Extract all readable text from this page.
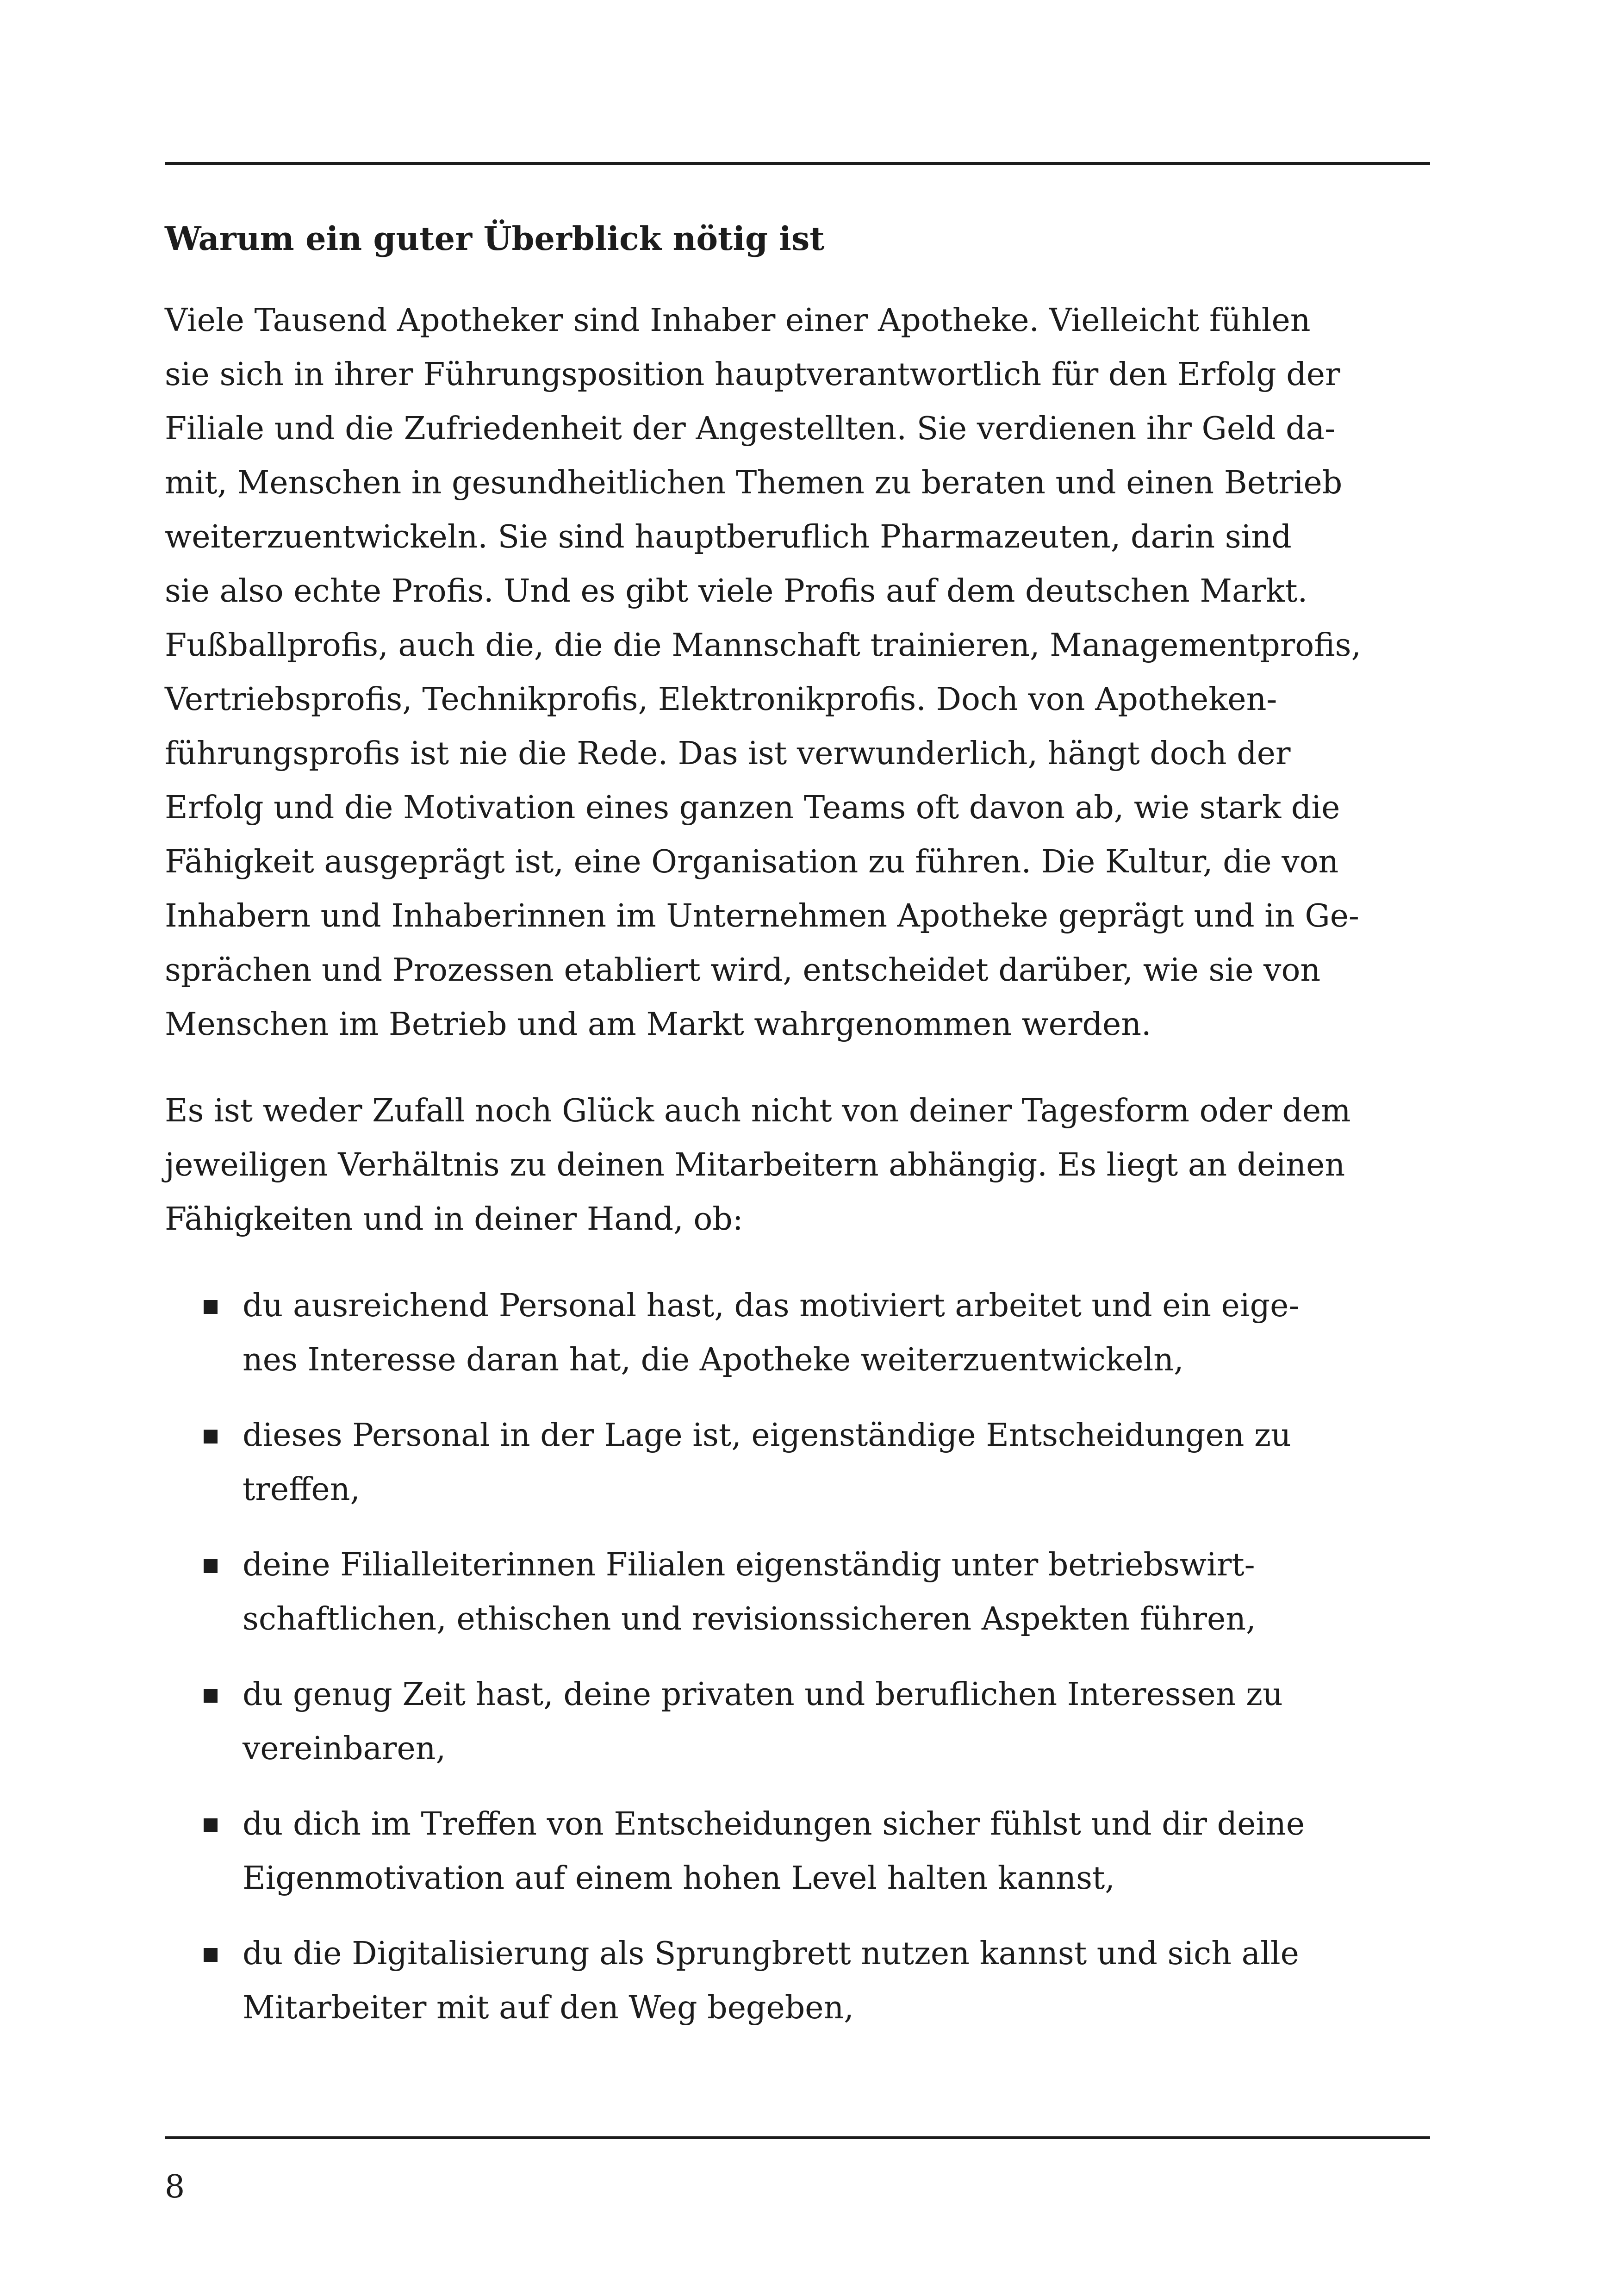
Warum ein guter Überblick nötig ist
Viele Tausend Apotheker sind Inhaber einer Apotheke. Vielleicht fühlen
sie sich in ihrer Führungsposition hauptverantwortlich für den Erfolg der
Filiale und die Zufriedenheit der Angestellten. Sie verdienen ihr Geld da-
mit, Menschen in gesundheitlichen Themen zu beraten und einen Betrieb
weiterzuentwickeln. Sie sind hauptberuflich Pharmazeuten, darin sind
sie also echte Profis. Und es gibt viele Profis auf dem deutschen Markt.
Fußballprofis, auch die, die die Mannschaft trainieren, Managementprofis,
Vertriebsprofis, Technikprofis, Elektronikprofis. Doch von Apotheken-
führungsprofis ist nie die Rede. Das ist verwunderlich, hängt doch der
Erfolg und die Motivation eines ganzen Teams oft davon ab, wie stark die
Fähigkeit ausgeprägt ist, eine Organisation zu führen. Die Kultur, die von
Inhabern und Inhaberinnen im Unternehmen Apotheke geprägt und in Ge-
sprächen und Prozessen etabliert wird, entscheidet darüber, wie sie von
Menschen im Betrieb und am Markt wahrgenommen werden.
Es ist weder Zufall noch Glück auch nicht von deiner Tagesform oder dem
jeweiligen Verhältnis zu deinen Mitarbeitern abhängig. Es liegt an deinen
Fähigkeiten und in deiner Hand, ob:
du ausreichend Personal hast, das motiviert arbeitet und ein eige-
nes Interesse daran hat, die Apotheke weiterzuentwickeln,
dieses Personal in der Lage ist, eigenständige Entscheidungen zu
treffen,
deine Filialleiterinnen Filialen eigenständig unter betriebswirt-
schaftlichen, ethischen und revisionssicheren Aspekten führen,
du genug Zeit hast, deine privaten und beruflichen Interessen zu
vereinbaren,
du dich im Treffen von Entscheidungen sicher fühlst und dir deine
Eigenmotivation auf einem hohen Level halten kannst,
du die Digitalisierung als Sprungbrett nutzen kannst und sich alle
Mitarbeiter mit auf den Weg begeben,
8
